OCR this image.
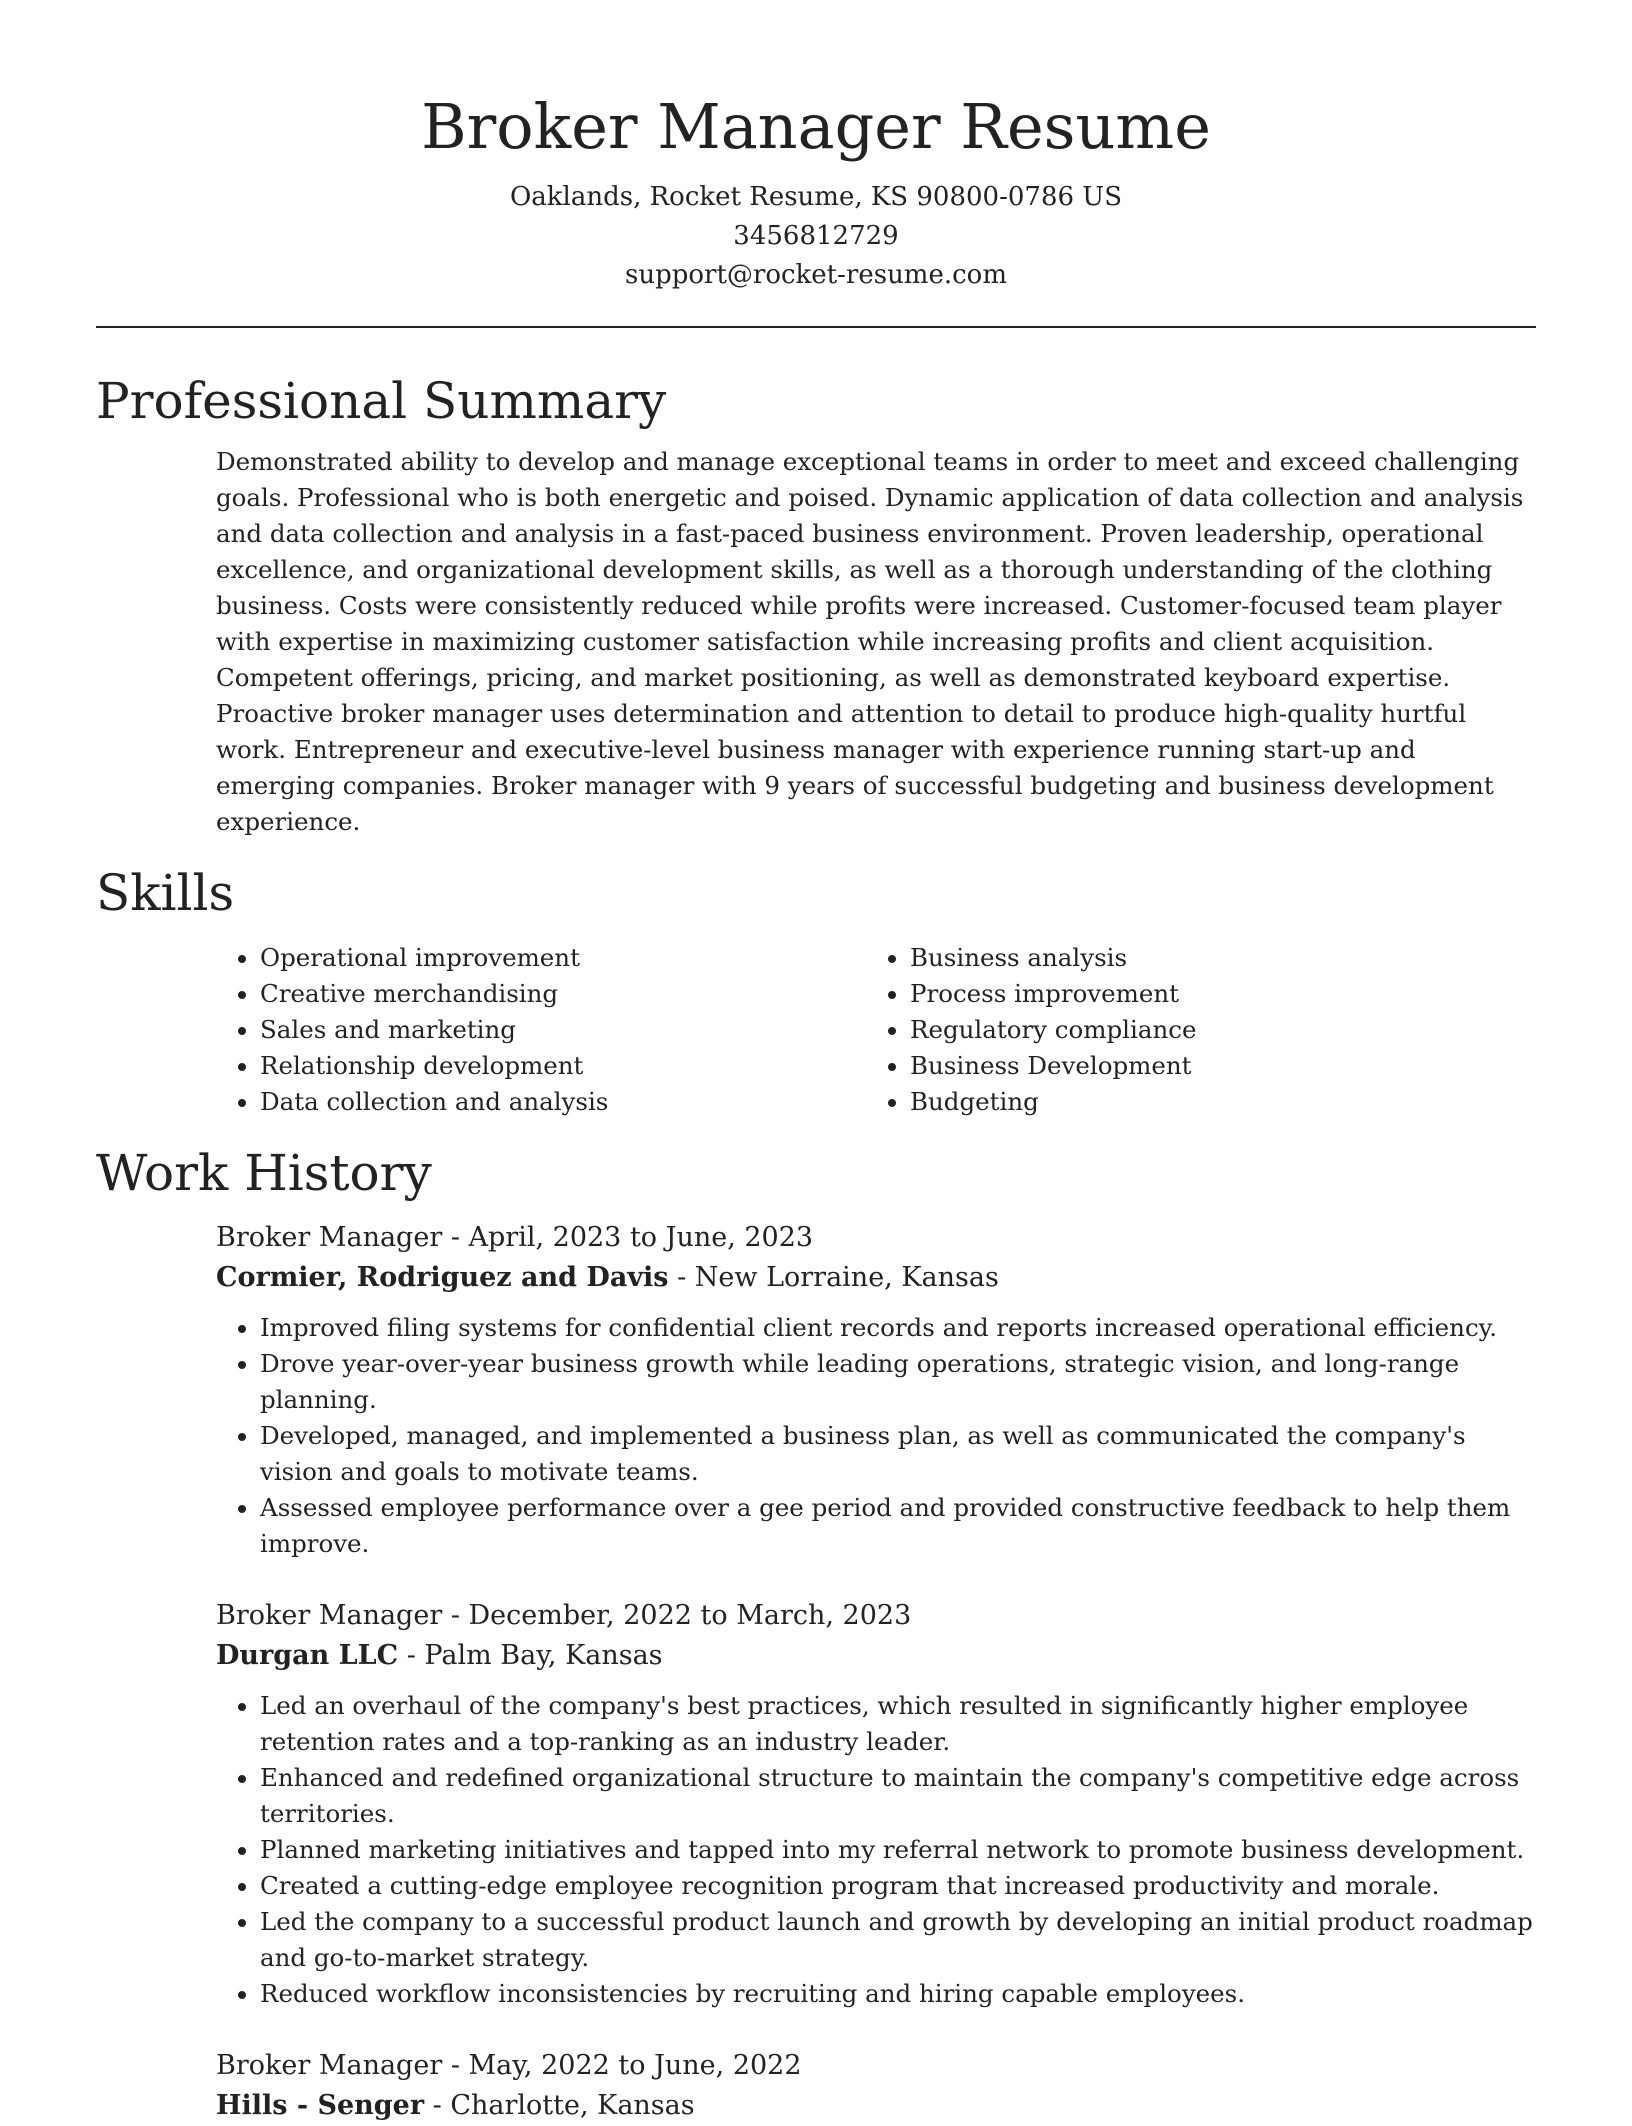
Broker Manager Resume

Oaklands, Rocket Resume, KS 90800-0786 US

3456812729

support@rocket-resume.com

Professional Summary

Demonstrated ability to develop and manage exceptional teams in order to meet and exceed challenging goals. Professional who is both energetic and poised. Dynamic application of data collection and analysis and data collection and analysis in a fast-paced business environment. Proven leadership, operational excellence, and organizational development skills, as well as a thorough understanding of the clothing business. Costs were consistently reduced while profits were increased. Customer-focused team player with expertise in maximizing customer satisfaction while increasing profits and client acquisition. Competent offerings, pricing, and market positioning, as well as demonstrated keyboard expertise. Proactive broker manager uses determination and attention to detail to produce high-quality hurtful work. Entrepreneur and executive-level business manager with experience running start-up and emerging companies. Broker manager with 9 years of successful budgeting and business development experience.

Skills
• Operational improvement
• Creative merchandising
• Sales and marketing
• Relationship development
• Data collection and analysis
• Business analysis
• Process improvement
• Regulatory compliance
• Business Development
• Budgeting
Work History

Broker Manager - April, 2023 to June, 2023

Cormier, Rodriguez and Davis - New Lorraine, Kansas

• Improved filing systems for confidential client records and reports increased operational efficiency.
• Drove year-over-year business growth while leading operations, strategic vision, and long-range planning.
• Developed, managed, and implemented a business plan, as well as communicated the company's vision and goals to motivate teams.
• Assessed employee performance over a gee period and provided constructive feedback to help them improve.

Broker Manager - December, 2022 to March, 2023

Durgan LLC - Palm Bay, Kansas

• Led an overhaul of the company's best practices, which resulted in significantly higher employee retention rates and a top-ranking as an industry leader.
• Enhanced and redefined organizational structure to maintain the company's competitive edge across territories.
• Planned marketing initiatives and tapped into my referral network to promote business development.
• Created a cutting-edge employee recognition program that increased productivity and morale.
• Led the company to a successful product launch and growth by developing an initial product roadmap and go-to-market strategy.
• Reduced workflow inconsistencies by recruiting and hiring capable employees.

Broker Manager - May, 2022 to June, 2022

Hills - Senger - Charlotte, Kansas
